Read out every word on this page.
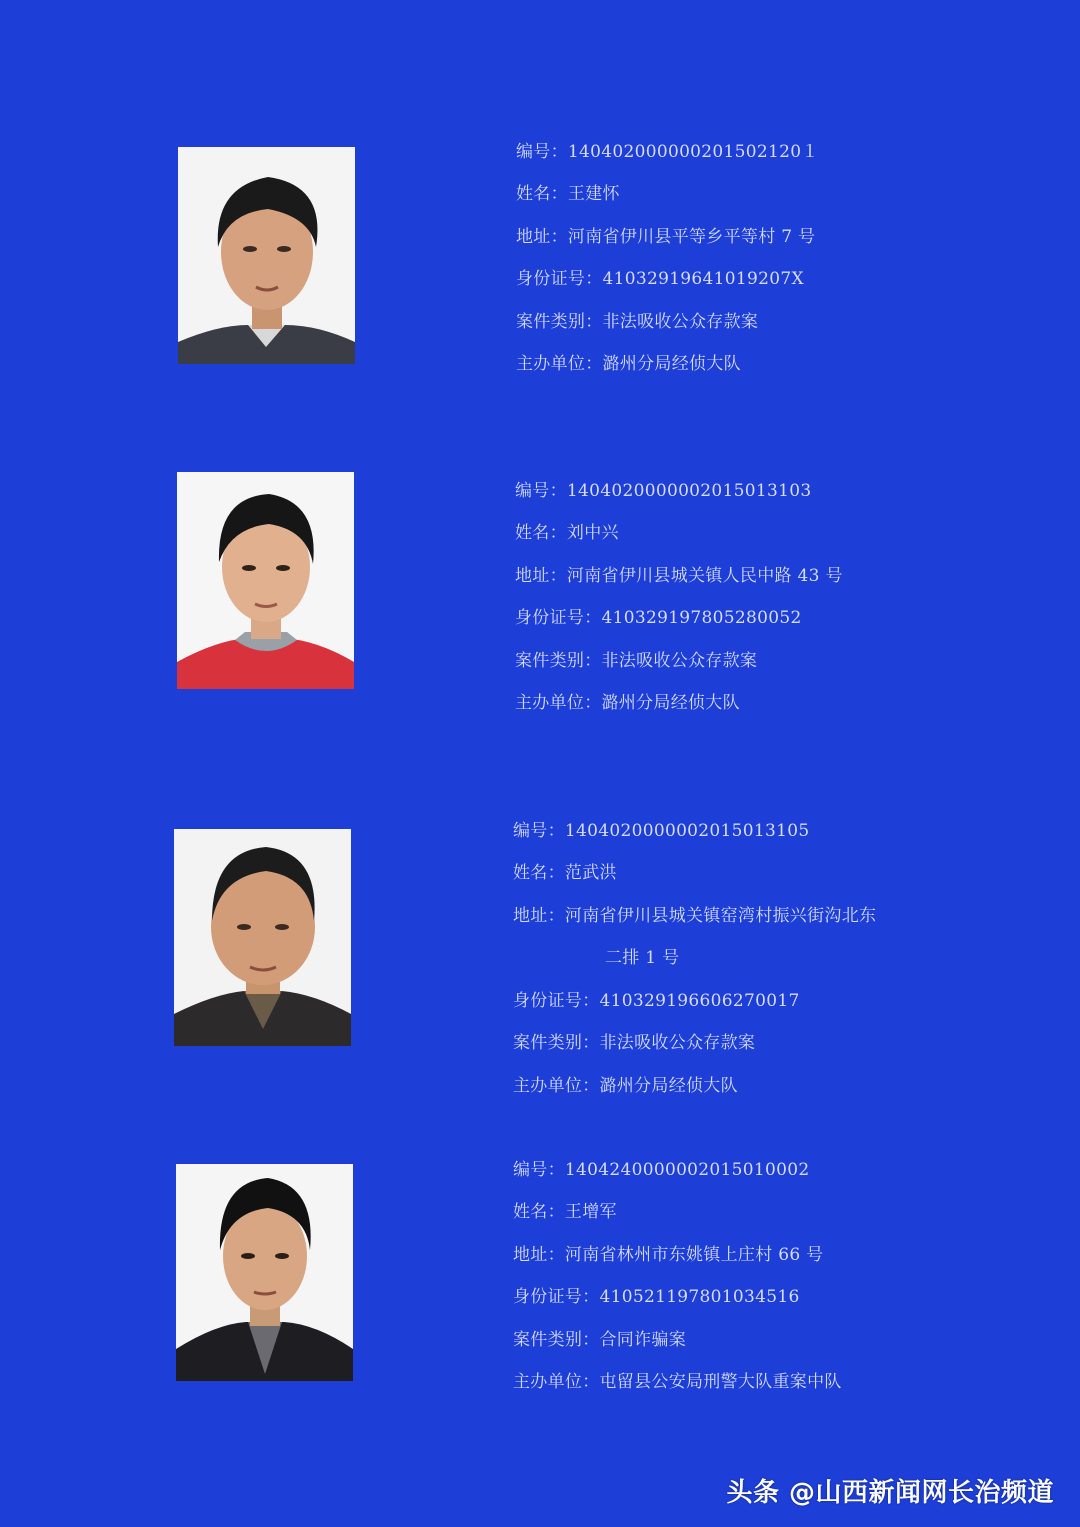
编号：140402000000201502120１
姓名：王建怀
地址：河南省伊川县平等乡平等村 7 号
身份证号：41032919641019207X
案件类别：非法吸收公众存款案
主办单位：潞州分局经侦大队
编号：1404020000002015013103
姓名：刘中兴
地址：河南省伊川县城关镇人民中路 43 号
身份证号：410329197805280052
案件类别：非法吸收公众存款案
主办单位：潞州分局经侦大队
编号：1404020000002015013105
姓名：范武洪
地址：河南省伊川县城关镇窑湾村振兴街沟北东
二排 1 号
身份证号：410329196606270017
案件类别：非法吸收公众存款案
主办单位：潞州分局经侦大队
编号：1404240000002015010002
姓名：王增军
地址：河南省林州市东姚镇上庄村 66 号
身份证号：410521197801034516
案件类别：合同诈骗案
主办单位：屯留县公安局刑警大队重案中队
头条 @山西新闻网长治频道
